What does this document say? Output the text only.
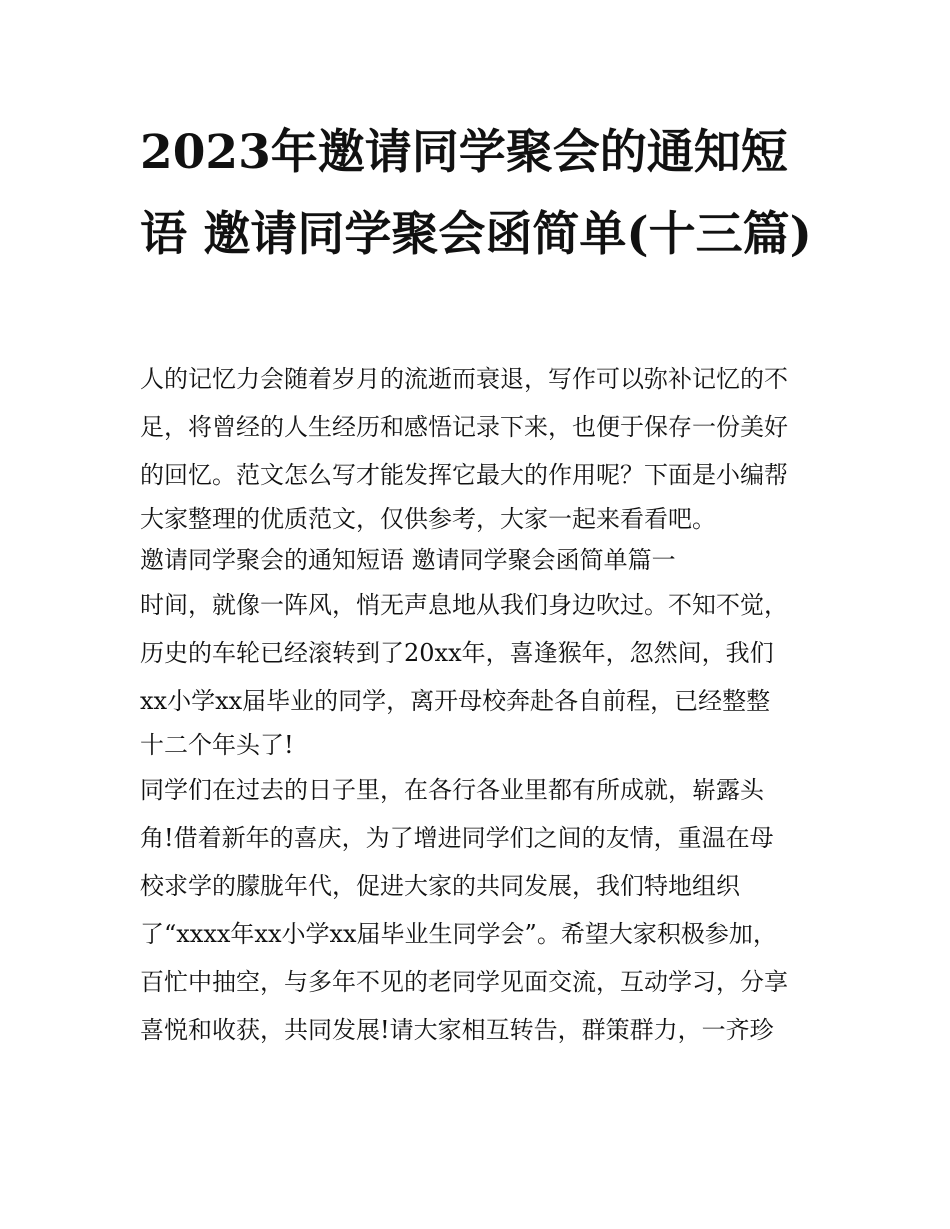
2023年邀请同学聚会的通知短语 邀请同学聚会函简单(十三篇)
人的记忆力会随着岁月的流逝而衰退，写作可以弥补记忆的不
足，将曾经的人生经历和感悟记录下来，也便于保存一份美好
的回忆。范文怎么写才能发挥它最大的作用呢？下面是小编帮
大家整理的优质范文，仅供参考，大家一起来看看吧。
邀请同学聚会的通知短语 邀请同学聚会函简单篇一
时间，就像一阵风，悄无声息地从我们身边吹过。不知不觉，
历史的车轮已经滚转到了20xx年，喜逢猴年，忽然间，我们
xx小学xx届毕业的同学，离开母校奔赴各自前程，已经整整
十二个年头了!
同学们在过去的日子里，在各行各业里都有所成就，崭露头
角!借着新年的喜庆，为了增进同学们之间的友情，重温在母
校求学的朦胧年代，促进大家的共同发展，我们特地组织
了“xxxx年xx小学xx届毕业生同学会”。希望大家积极参加，
百忙中抽空，与多年不见的老同学见面交流，互动学习，分享
喜悦和收获，共同发展!请大家相互转告，群策群力，一齐珍
